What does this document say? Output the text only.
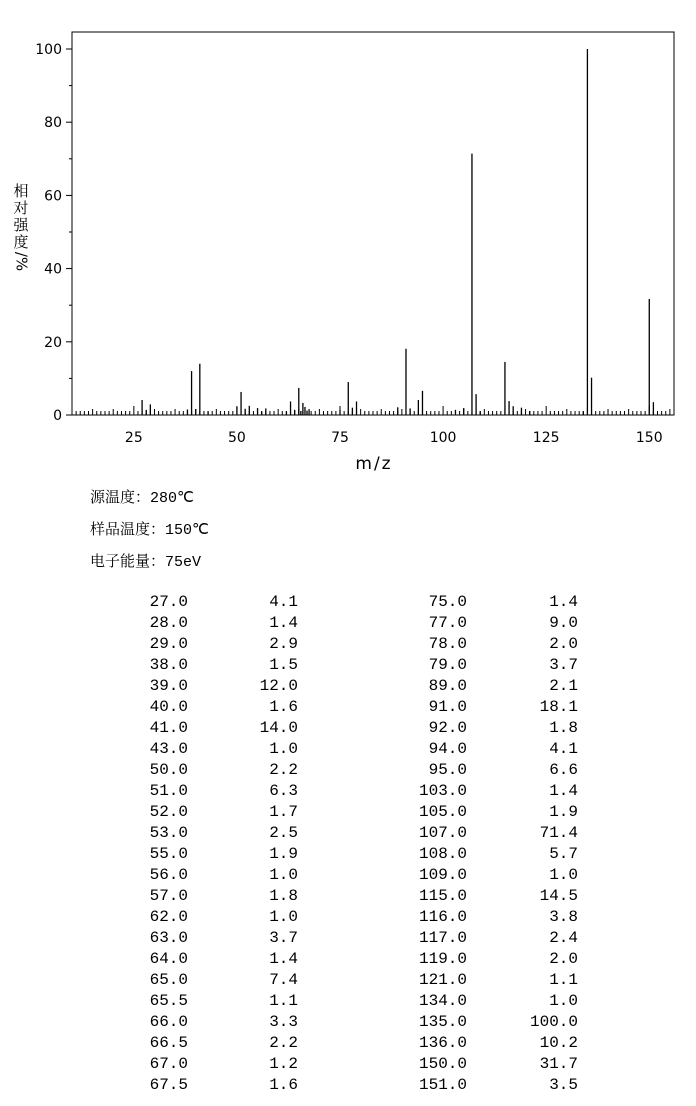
0
20
40
60
80
100
25	50	75	100	125	150
m/z
相
对
强
度
/%
源温度：280℃
样品温度：150℃
电子能量：75eV
27.0	4.1	75.0	1.4
28.0	1.4	77.0	9.0
29.0	2.9	78.0	2.0
38.0	1.5	79.0	3.7
39.0	12.0	89.0	2.1
40.0	1.6	91.0	18.1
41.0	14.0	92.0	1.8
43.0	1.0	94.0	4.1
50.0	2.2	95.0	6.6
51.0	6.3	103.0	1.4
52.0	1.7	105.0	1.9
53.0	2.5	107.0	71.4
55.0	1.9	108.0	5.7
56.0	1.0	109.0	1.0
57.0	1.8	115.0	14.5
62.0	1.0	116.0	3.8
63.0	3.7	117.0	2.4
64.0	1.4	119.0	2.0
65.0	7.4	121.0	1.1
65.5	1.1	134.0	1.0
66.0	3.3	135.0	100.0
66.5	2.2	136.0	10.2
67.0	1.2	150.0	31.7
67.5	1.6	151.0	3.5
